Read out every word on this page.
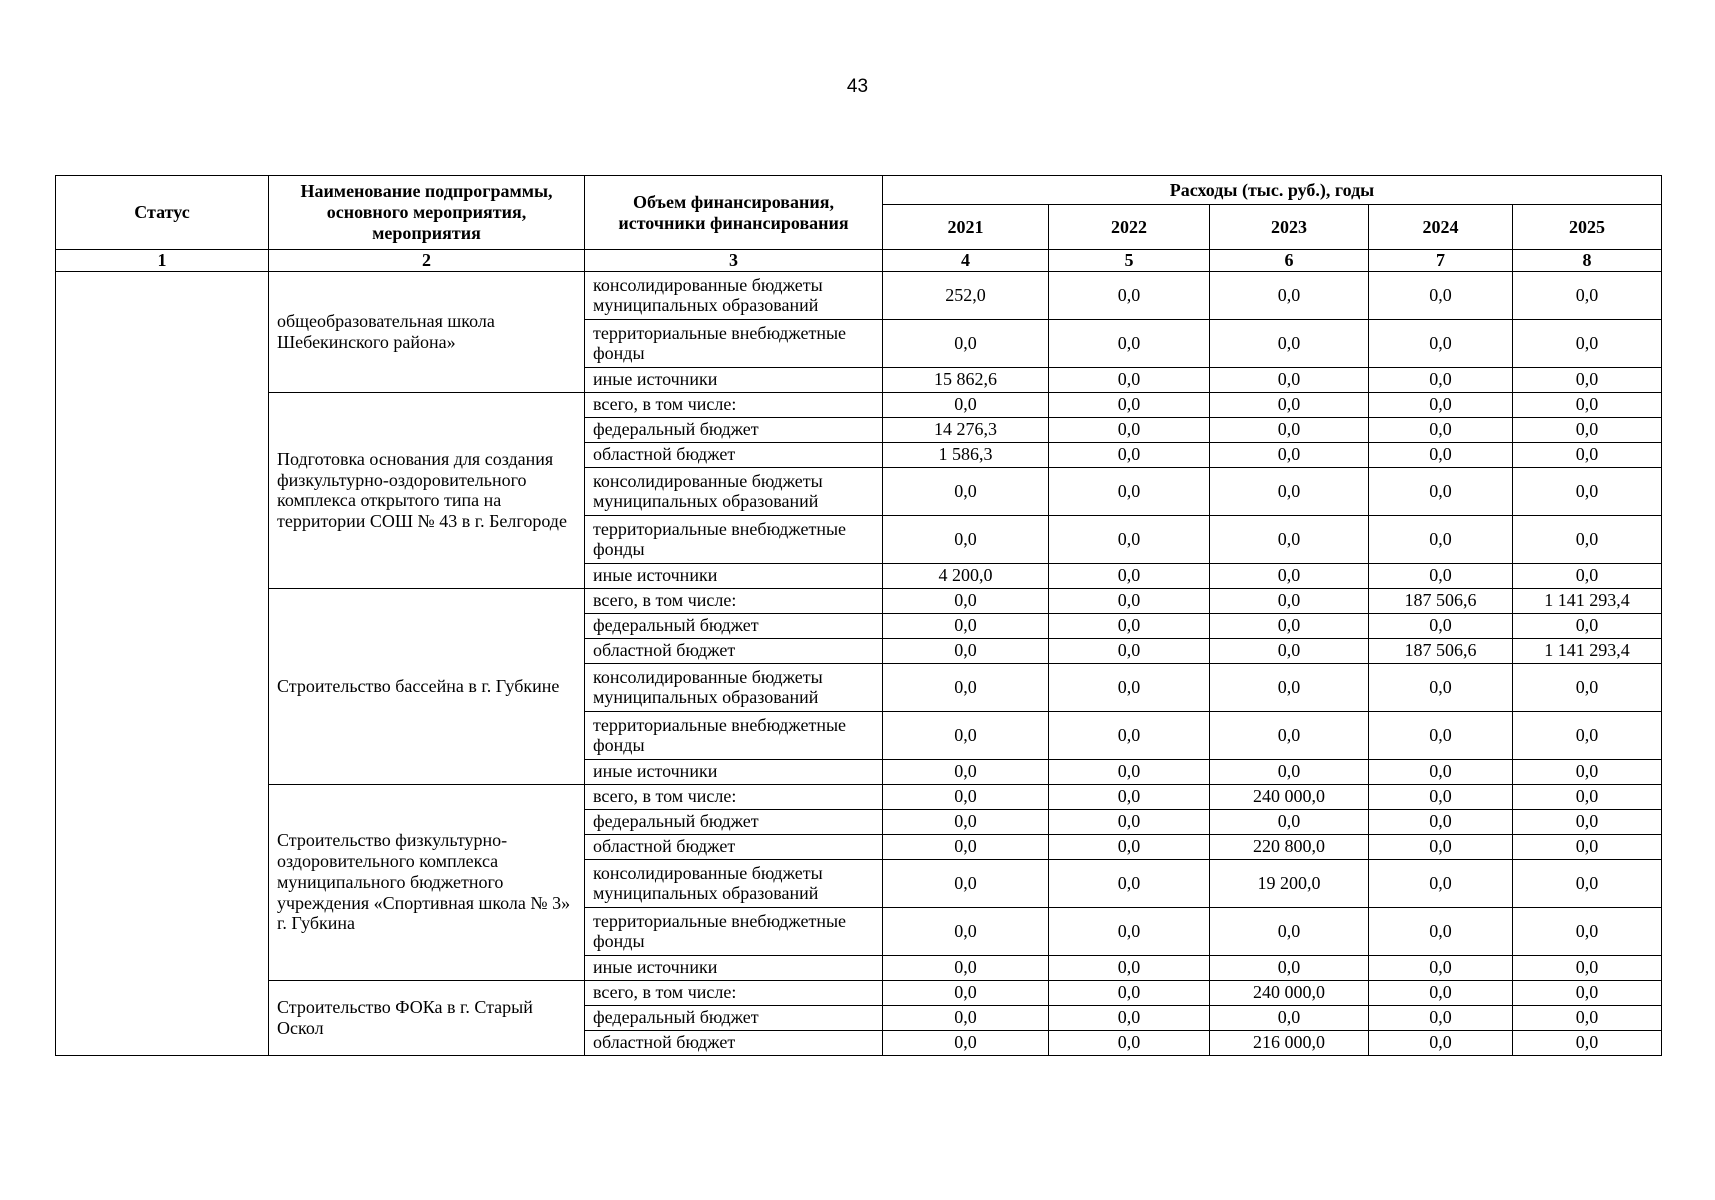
43
Статус	Наименование подпрограммы, основного мероприятия, мероприятия	Объем финансирования, источники финансирования	Расходы (тыс. руб.), годы				
			2021	2022	2023	2024	2025
1	2	3	4	5	6	7	8
	общеобразовательная школа Шебекинского района»	консолидированные бюджеты муниципальных образований	252,0	0,0	0,0	0,0	0,0
		территориальные внебюджетные фонды	0,0	0,0	0,0	0,0	0,0
		иные источники	15 862,6	0,0	0,0	0,0	0,0
	Подготовка основания для создания физкультурно-оздоровительного комплекса открытого типа на территории СОШ № 43 в г. Белгороде	всего, в том числе:	0,0	0,0	0,0	0,0	0,0
		федеральный бюджет	14 276,3	0,0	0,0	0,0	0,0
		областной бюджет	1 586,3	0,0	0,0	0,0	0,0
		консолидированные бюджеты муниципальных образований	0,0	0,0	0,0	0,0	0,0
		территориальные внебюджетные фонды	0,0	0,0	0,0	0,0	0,0
		иные источники	4 200,0	0,0	0,0	0,0	0,0
	Строительство бассейна в г. Губкине	всего, в том числе:	0,0	0,0	0,0	187 506,6	1 141 293,4
		федеральный бюджет	0,0	0,0	0,0	0,0	0,0
		областной бюджет	0,0	0,0	0,0	187 506,6	1 141 293,4
		консолидированные бюджеты муниципальных образований	0,0	0,0	0,0	0,0	0,0
		территориальные внебюджетные фонды	0,0	0,0	0,0	0,0	0,0
		иные источники	0,0	0,0	0,0	0,0	0,0
	Строительство физкультурно-оздоровительного комплекса муниципального бюджетного учреждения «Спортивная школа № 3» г. Губкина	всего, в том числе:	0,0	0,0	240 000,0	0,0	0,0
		федеральный бюджет	0,0	0,0	0,0	0,0	0,0
		областной бюджет	0,0	0,0	220 800,0	0,0	0,0
		консолидированные бюджеты муниципальных образований	0,0	0,0	19 200,0	0,0	0,0
		территориальные внебюджетные фонды	0,0	0,0	0,0	0,0	0,0
		иные источники	0,0	0,0	0,0	0,0	0,0
	Строительство ФОКа в г. Старый Оскол	всего, в том числе:	0,0	0,0	240 000,0	0,0	0,0
		федеральный бюджет	0,0	0,0	0,0	0,0	0,0
		областной бюджет	0,0	0,0	216 000,0	0,0	0,0
